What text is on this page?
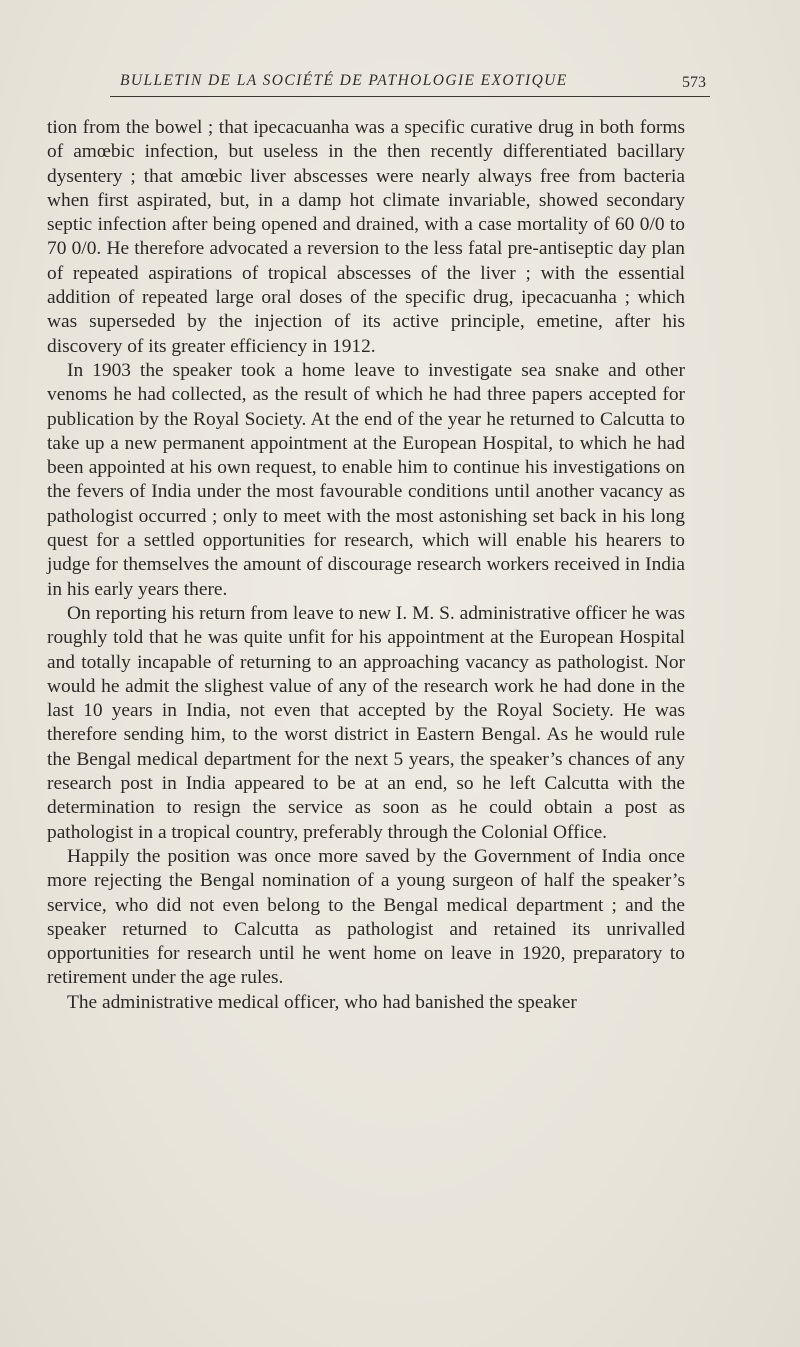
BULLETIN DE LA SOCIÉTÉ DE PATHOLOGIE EXOTIQUE	573

tion from the bowel ; that ipecacuanha was a specific curative drug in both forms of amœbic infection, but useless in the then recently differentiated bacillary dysentery ; that amœbic liver abscesses were nearly always free from bacteria when first aspirated, but, in a damp hot climate invariable, showed secondary septic infection after being opened and drained, with a case mortality of 60 0/0 to 70 0/0. He therefore advocated a reversion to the less fatal pre-antiseptic day plan of repeated aspirations of tropical abscesses of the liver ; with the essential addition of repeated large oral doses of the specific drug, ipecacuanha ; which was superseded by the injection of its active principle, emetine, after his discovery of its greater efficiency in 1912.

In 1903 the speaker took a home leave to investigate sea snake and other venoms he had collected, as the result of which he had three papers accepted for publication by the Royal Society. At the end of the year he returned to Calcutta to take up a new permanent appointment at the European Hospital, to which he had been appointed at his own request, to enable him to continue his investigations on the fevers of India under the most favourable conditions until another vacancy as pathologist occurred ; only to meet with the most astonishing set back in his long quest for a settled opportunities for research, which will enable his hearers to judge for themselves the amount of discourage research workers received in India in his early years there.

On reporting his return from leave to new I. M. S. administrative officer he was roughly told that he was quite unfit for his appointment at the European Hospital and totally incapable of returning to an approaching vacancy as pathologist. Nor would he admit the slighest value of any of the research work he had done in the last 10 years in India, not even that accepted by the Royal Society. He was therefore sending him, to the worst district in Eastern Bengal. As he would rule the Bengal medical department for the next 5 years, the speaker’s chances of any research post in India appeared to be at an end, so he left Calcutta with the determination to resign the service as soon as he could obtain a post as pathologist in a tropical country, preferably through the Colonial Office.

Happily the position was once more saved by the Government of India once more rejecting the Bengal nomination of a young surgeon of half the speaker’s service, who did not even belong to the Bengal medical department ; and the speaker returned to Calcutta as pathologist and retained its unrivalled opportunities for research until he went home on leave in 1920, preparatory to retirement under the age rules.

The administrative medical officer, who had banished the speaker
